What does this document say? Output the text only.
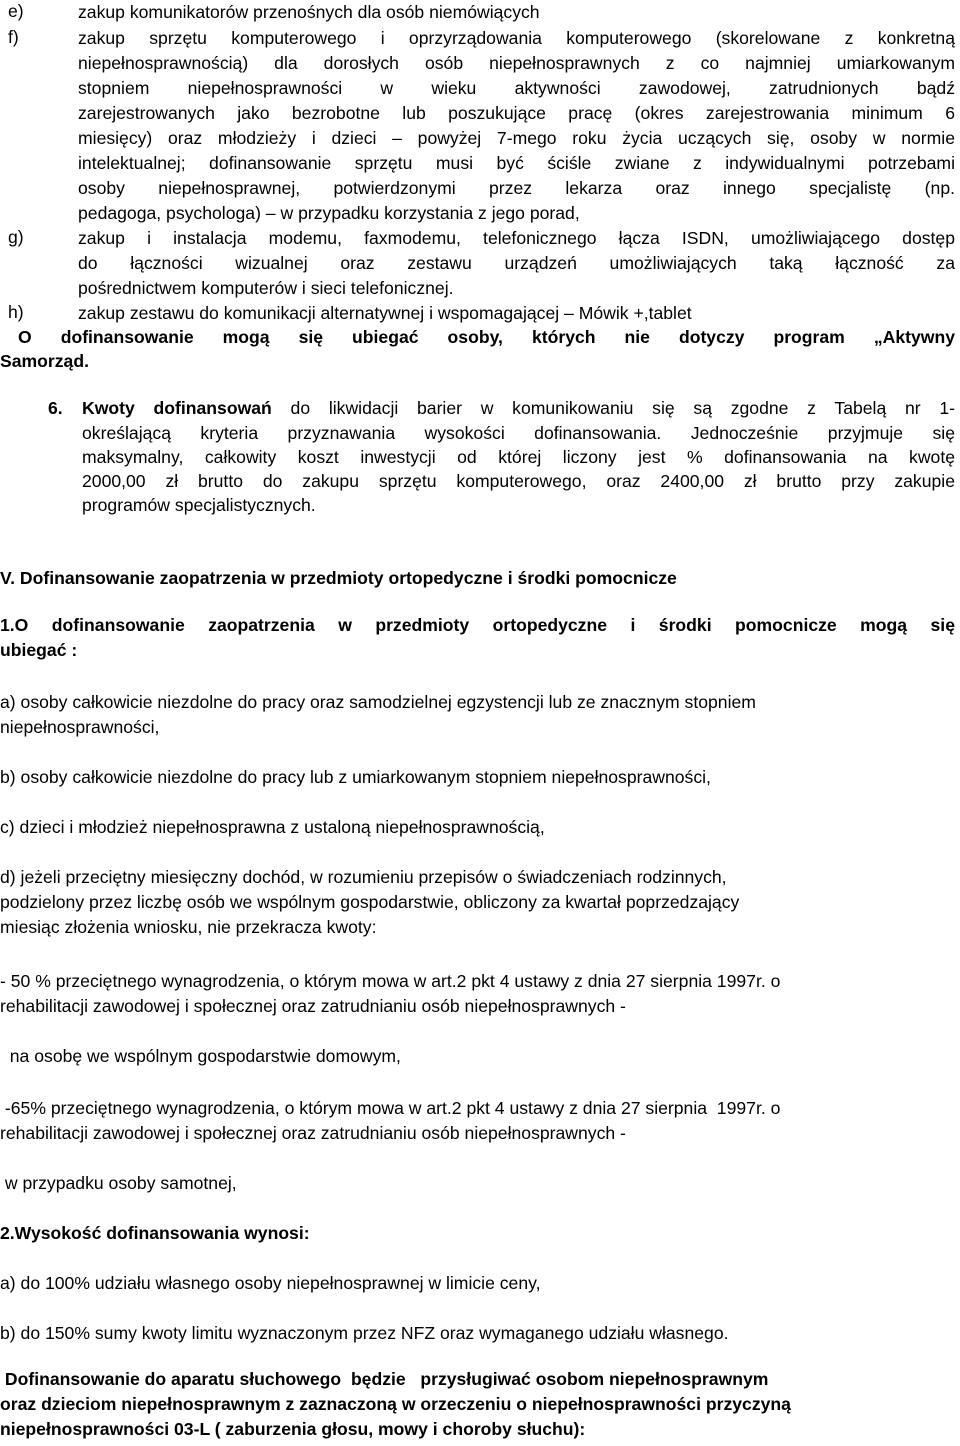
e)	zakup komunikatorów przenośnych dla osób niemówiących

f)	zakup sprzętu komputerowego i oprzyrządowania komputerowego (skorelowane z konkretną

niepełnosprawnością) dla dorosłych osób niepełnosprawnych z co najmniej umiarkowanym

stopniem niepełnosprawności w wieku aktywności zawodowej, zatrudnionych bądź

zarejestrowanych jako bezrobotne lub poszukujące pracę (okres zarejestrowania minimum 6

miesięcy) oraz młodzieży i dzieci – powyżej 7-mego roku życia uczących się, osoby w normie

intelektualnej; dofinansowanie sprzętu musi być ściśle zwiane z indywidualnymi potrzebami

osoby niepełnosprawnej, potwierdzonymi przez lekarza oraz innego specjalistę (np.

pedagoga, psychologa) – w przypadku korzystania z jego porad,

g)	zakup i instalacja modemu, faxmodemu, telefonicznego łącza ISDN, umożliwiającego dostęp

do łączności wizualnej oraz zestawu urządzeń umożliwiających taką łączność za

pośrednictwem komputerów i sieci telefonicznej.

h)	zakup zestawu do komunikacji alternatywnej i wspomagającej – Mówik +,tablet

O dofinansowanie mogą się ubiegać osoby, których nie dotyczy program „Aktywny

Samorząd.

6. Kwoty dofinansowań do likwidacji barier w komunikowaniu się są zgodne z Tabelą nr 1-

określającą kryteria przyznawania wysokości dofinansowania. Jednocześnie przyjmuje się

maksymalny, całkowity koszt inwestycji od której liczony jest % dofinansowania na kwotę

2000,00 zł brutto do zakupu sprzętu komputerowego, oraz 2400,00 zł brutto przy zakupie

programów specjalistycznych.

V. Dofinansowanie zaopatrzenia w przedmioty ortopedyczne i środki pomocnicze

1.O dofinansowanie zaopatrzenia w przedmioty ortopedyczne i środki pomocnicze mogą się

ubiegać :

a) osoby całkowicie niezdolne do pracy oraz samodzielnej egzystencji lub ze znacznym stopniem

niepełnosprawności,

b) osoby całkowicie niezdolne do pracy lub z umiarkowanym stopniem niepełnosprawności,

c) dzieci i młodzież niepełnosprawna z ustaloną niepełnosprawnością,

d) jeżeli przeciętny miesięczny dochód, w rozumieniu przepisów o świadczeniach rodzinnych,

podzielony przez liczbę osób we wspólnym gospodarstwie, obliczony za kwartał poprzedzający

miesiąc złożenia wniosku, nie przekracza kwoty:

- 50 % przeciętnego wynagrodzenia, o którym mowa w art.2 pkt 4 ustawy z dnia 27 sierpnia 1997r. o

rehabilitacji zawodowej i społecznej oraz zatrudnianiu osób niepełnosprawnych -

na osobę we wspólnym gospodarstwie domowym,

-65% przeciętnego wynagrodzenia, o którym mowa w art.2 pkt 4 ustawy z dnia 27 sierpnia  1997r. o

rehabilitacji zawodowej i społecznej oraz zatrudnianiu osób niepełnosprawnych -

w przypadku osoby samotnej,

2.Wysokość dofinansowania wynosi:

a) do 100% udziału własnego osoby niepełnosprawnej w limicie ceny,

b) do 150% sumy kwoty limitu wyznaczonym przez NFZ oraz wymaganego udziału własnego.

Dofinansowanie do aparatu słuchowego  będzie   przysługiwać osobom niepełnosprawnym

oraz dzieciom niepełnosprawnym z zaznaczoną w orzeczeniu o niepełnosprawności przyczyną

niepełnosprawności 03-L ( zaburzenia głosu, mowy i choroby słuchu):
